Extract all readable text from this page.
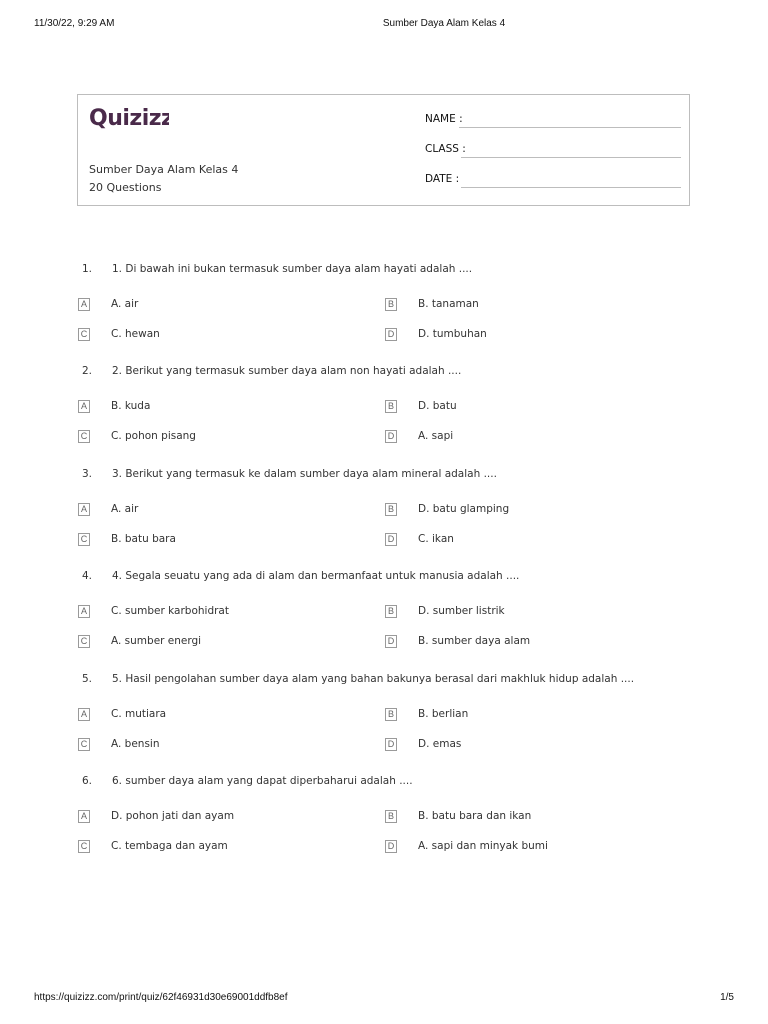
11/30/22, 9:29 AM	Sumber Daya Alam Kelas 4
Quizizz
Sumber Daya Alam Kelas 4
20 Questions
NAME :
CLASS :
DATE :
1. 1. Di bawah ini bukan termasuk sumber daya alam hayati adalah ....
A A. air	B B. tanaman
C C. hewan	D D. tumbuhan
2. 2. Berikut yang termasuk sumber daya alam non hayati adalah ....
A B. kuda	B D. batu
C C. pohon pisang	D A. sapi
3. 3. Berikut yang termasuk ke dalam sumber daya alam mineral adalah ....
A A. air	B D. batu glamping
C B. batu bara	D C. ikan
4. 4. Segala seuatu yang ada di alam dan bermanfaat untuk manusia adalah ....
A C. sumber karbohidrat	B D. sumber listrik
C A. sumber energi	D B. sumber daya alam
5. 5. Hasil pengolahan sumber daya alam yang bahan bakunya berasal dari makhluk hidup adalah ....
A C. mutiara	B B. berlian
C A. bensin	D D. emas
6. 6. sumber daya alam yang dapat diperbaharui adalah ....
A D. pohon jati dan ayam	B B. batu bara dan ikan
C C. tembaga dan ayam	D A. sapi dan minyak bumi
https://quizizz.com/print/quiz/62f46931d30e69001ddfb8ef	1/5
